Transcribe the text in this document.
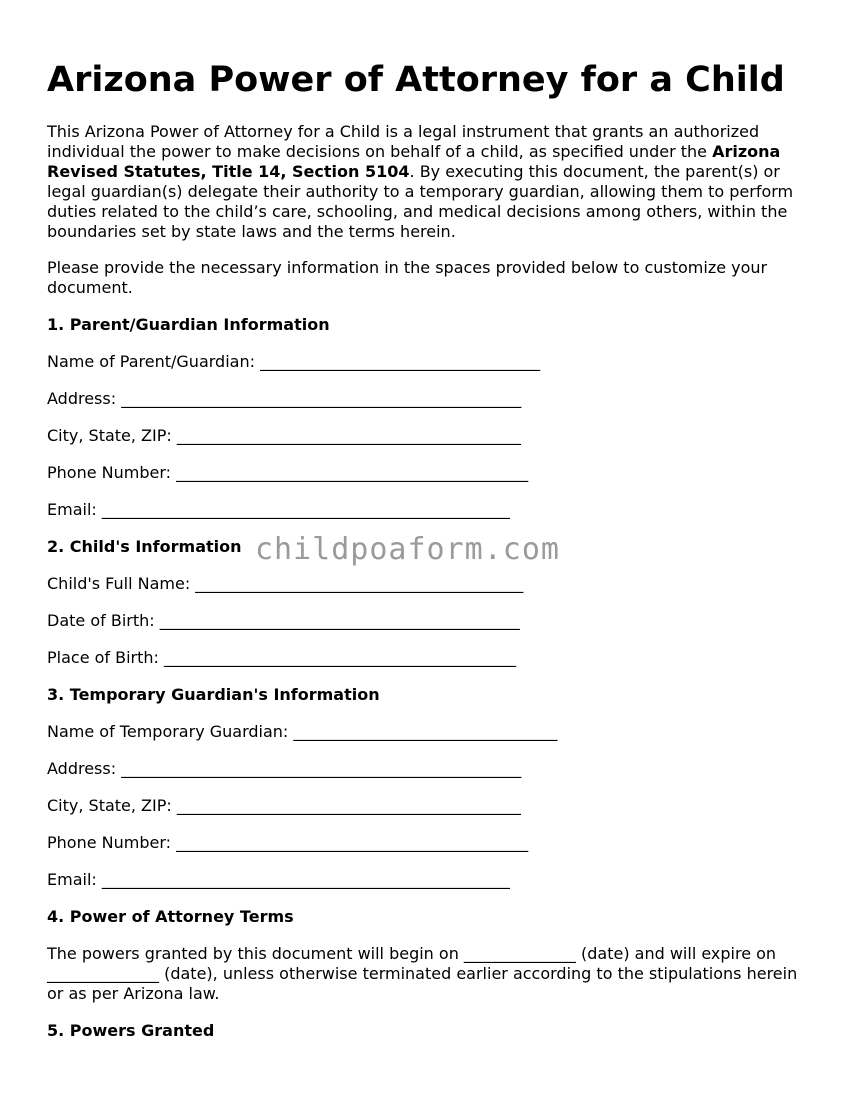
Arizona Power of Attorney for a Child

This Arizona Power of Attorney for a Child is a legal instrument that grants an authorized individual the power to make decisions on behalf of a child, as specified under the Arizona Revised Statutes, Title 14, Section 5104. By executing this document, the parent(s) or legal guardian(s) delegate their authority to a temporary guardian, allowing them to perform duties related to the child’s care, schooling, and medical decisions among others, within the boundaries set by state laws and the terms herein.

Please provide the necessary information in the spaces provided below to customize your document.

1. Parent/Guardian Information

Name of Parent/Guardian: ___________________________________

Address: __________________________________________________

City, State, ZIP: ___________________________________________

Phone Number: ____________________________________________

Email: ___________________________________________________

2. Child's Information

Child's Full Name: _________________________________________

Date of Birth: _____________________________________________

Place of Birth: ____________________________________________

3. Temporary Guardian's Information

Name of Temporary Guardian: _________________________________

Address: __________________________________________________

City, State, ZIP: ___________________________________________

Phone Number: ____________________________________________

Email: ___________________________________________________

4. Power of Attorney Terms

The powers granted by this document will begin on ______________ (date) and will expire on ______________ (date), unless otherwise terminated earlier according to the stipulations herein or as per Arizona law.

5. Powers Granted

childpoaform.com
